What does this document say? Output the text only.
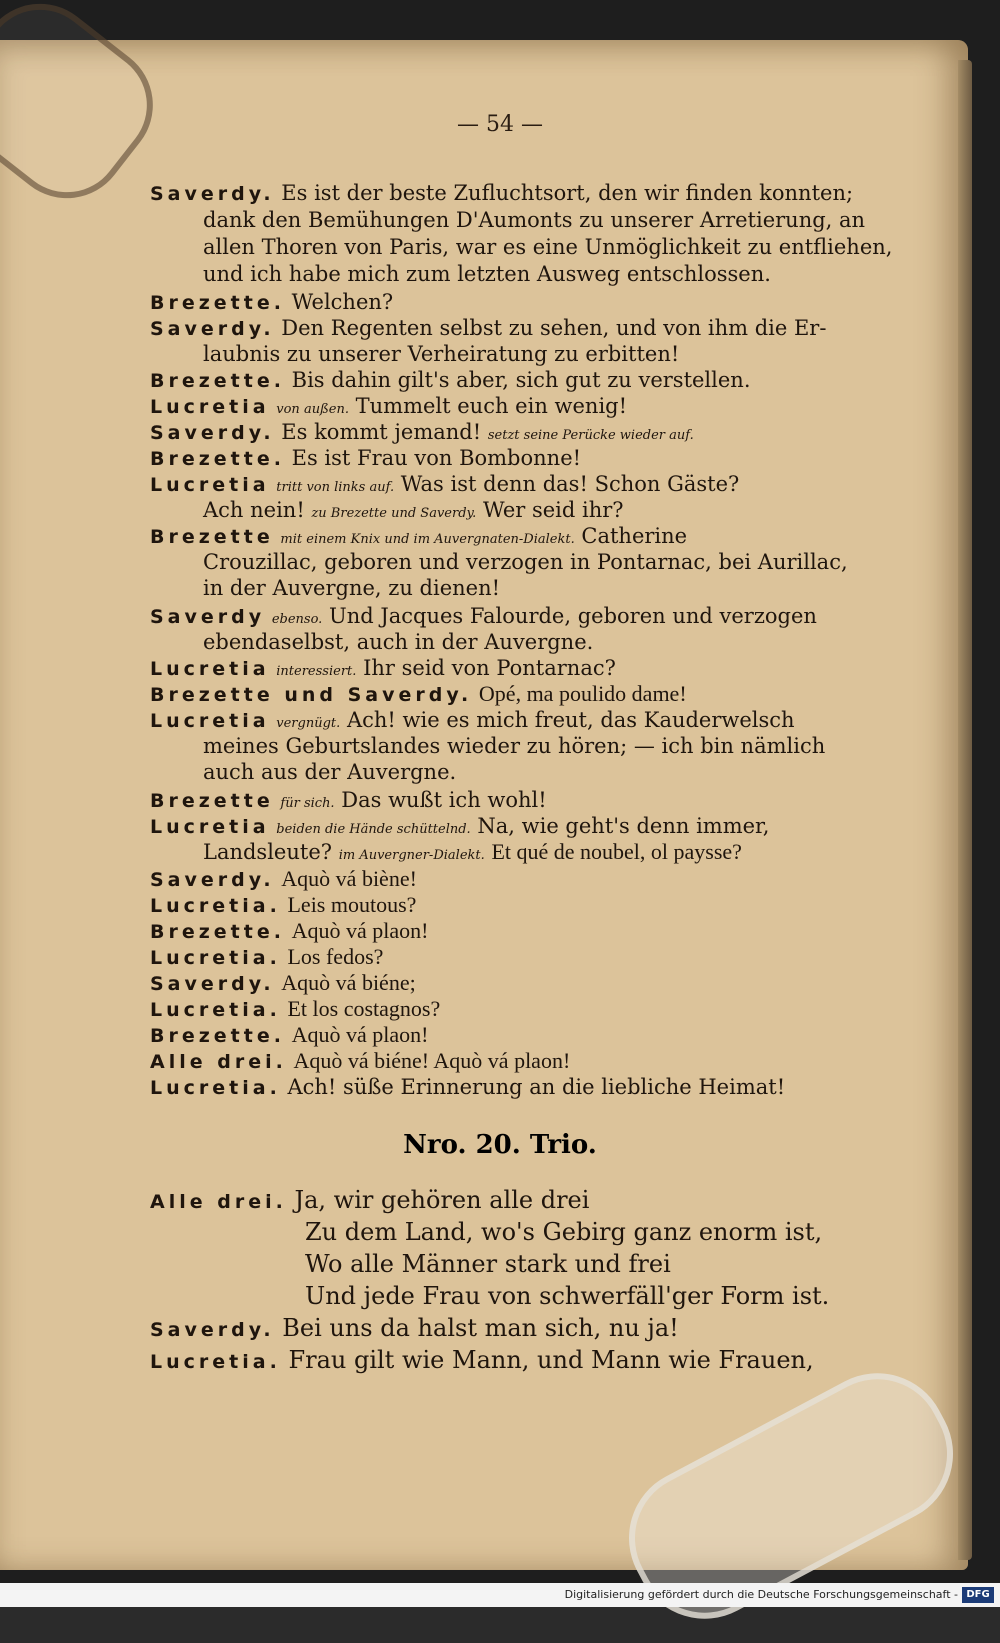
— 54 —
Saverdy. Es ist der beste Zufluchtsort, den wir finden konnten;
dank den Bemühungen D'Aumonts zu unserer Arretierung, an
allen Thoren von Paris, war es eine Unmöglichkeit zu entfliehen,
und ich habe mich zum letzten Ausweg entschlossen.
Brezette. Welchen?
Saverdy. Den Regenten selbst zu sehen, und von ihm die Er-
laubnis zu unserer Verheiratung zu erbitten!
Brezette. Bis dahin gilt's aber, sich gut zu verstellen.
Lucretia von außen. Tummelt euch ein wenig!
Saverdy. Es kommt jemand! setzt seine Perücke wieder auf.
Brezette. Es ist Frau von Bombonne!
Lucretia tritt von links auf. Was ist denn das! Schon Gäste?
Ach nein! zu Brezette und Saverdy. Wer seid ihr?
Brezette mit einem Knix und im Auvergnaten-Dialekt. Catherine
Crouzillac, geboren und verzogen in Pontarnac, bei Aurillac,
in der Auvergne, zu dienen!
Saverdy ebenso. Und Jacques Falourde, geboren und verzogen
ebendaselbst, auch in der Auvergne.
Lucretia interessiert. Ihr seid von Pontarnac?
Brezette und Saverdy. Opé, ma poulido dame!
Lucretia vergnügt. Ach! wie es mich freut, das Kauderwelsch
meines Geburtslandes wieder zu hören; — ich bin nämlich
auch aus der Auvergne.
Brezette für sich. Das wußt ich wohl!
Lucretia beiden die Hände schüttelnd. Na, wie geht's denn immer,
Landsleute? im Auvergner-Dialekt. Et qué de noubel, ol paysse?
Saverdy. Aquò vá biène!
Lucretia. Leis moutous?
Brezette. Aquò vá plaon!
Lucretia. Los fedos?
Saverdy. Aquò vá biéne;
Lucretia. Et los costagnos?
Brezette. Aquò vá plaon!
Alle drei. Aquò vá biéne! Aquò vá plaon!
Lucretia. Ach! süße Erinnerung an die liebliche Heimat!
Nro. 20. Trio.
Alle drei. Ja, wir gehören alle drei
Zu dem Land, wo's Gebirg ganz enorm ist,
Wo alle Männer stark und frei
Und jede Frau von schwerfäll'ger Form ist.
Saverdy. Bei uns da halst man sich, nu ja!
Lucretia. Frau gilt wie Mann, und Mann wie Frauen,
Digitalisierung gefördert durch die Deutsche Forschungsgemeinschaft - DFG
